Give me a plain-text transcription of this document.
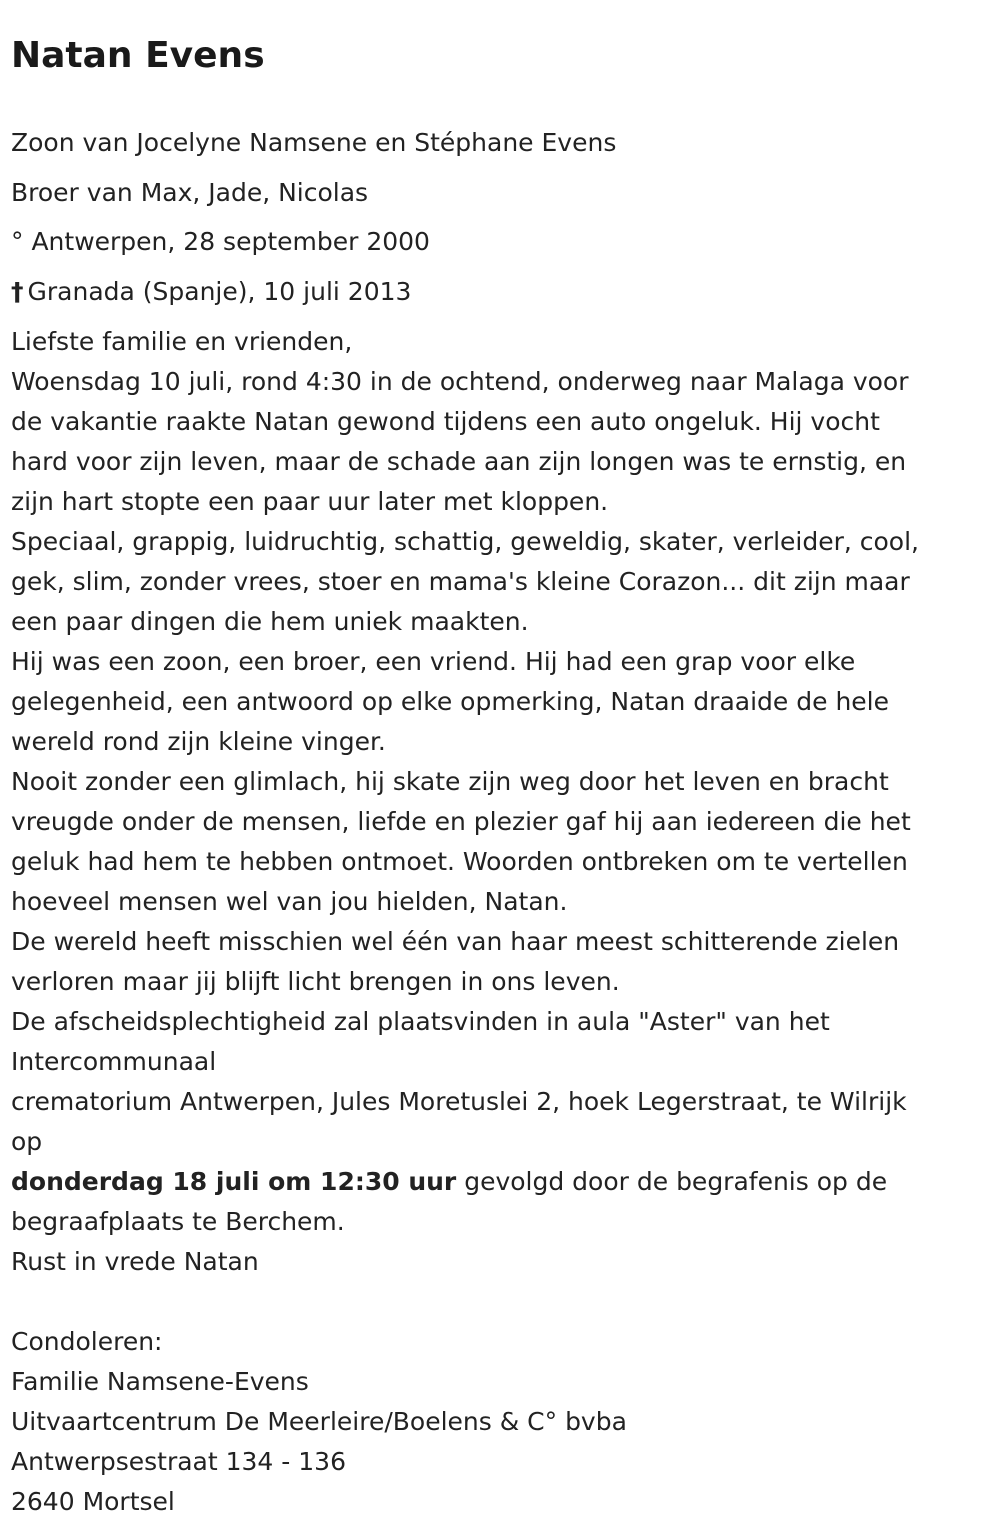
Natan Evens
Zoon van Jocelyne Namsene en Stéphane Evens
Broer van Max, Jade, Nicolas
° Antwerpen, 28 september 2000
† Granada (Spanje), 10 juli 2013
Liefste familie en vrienden,
Woensdag 10 juli, rond 4:30 in de ochtend, onderweg naar Malaga voor
de vakantie raakte Natan gewond tijdens een auto ongeluk. Hij vocht
hard voor zijn leven, maar de schade aan zijn longen was te ernstig, en
zijn hart stopte een paar uur later met kloppen.
Speciaal, grappig, luidruchtig, schattig, geweldig, skater, verleider, cool,
gek, slim, zonder vrees, stoer en mama's kleine Corazon... dit zijn maar
een paar dingen die hem uniek maakten.
Hij was een zoon, een broer, een vriend. Hij had een grap voor elke
gelegenheid, een antwoord op elke opmerking, Natan draaide de hele
wereld rond zijn kleine vinger.
Nooit zonder een glimlach, hij skate zijn weg door het leven en bracht
vreugde onder de mensen, liefde en plezier gaf hij aan iedereen die het
geluk had hem te hebben ontmoet. Woorden ontbreken om te vertellen
hoeveel mensen wel van jou hielden, Natan.
De wereld heeft misschien wel één van haar meest schitterende zielen
verloren maar jij blijft licht brengen in ons leven.
De afscheidsplechtigheid zal plaatsvinden in aula "Aster" van het
Intercommunaal
crematorium Antwerpen, Jules Moretuslei 2, hoek Legerstraat, te Wilrijk
op
donderdag 18 juli om 12:30 uur gevolgd door de begrafenis op de
begraafplaats te Berchem.
Rust in vrede Natan
Condoleren:
Familie Namsene-Evens
Uitvaartcentrum De Meerleire/Boelens & C° bvba
Antwerpsestraat 134 - 136
2640 Mortsel
